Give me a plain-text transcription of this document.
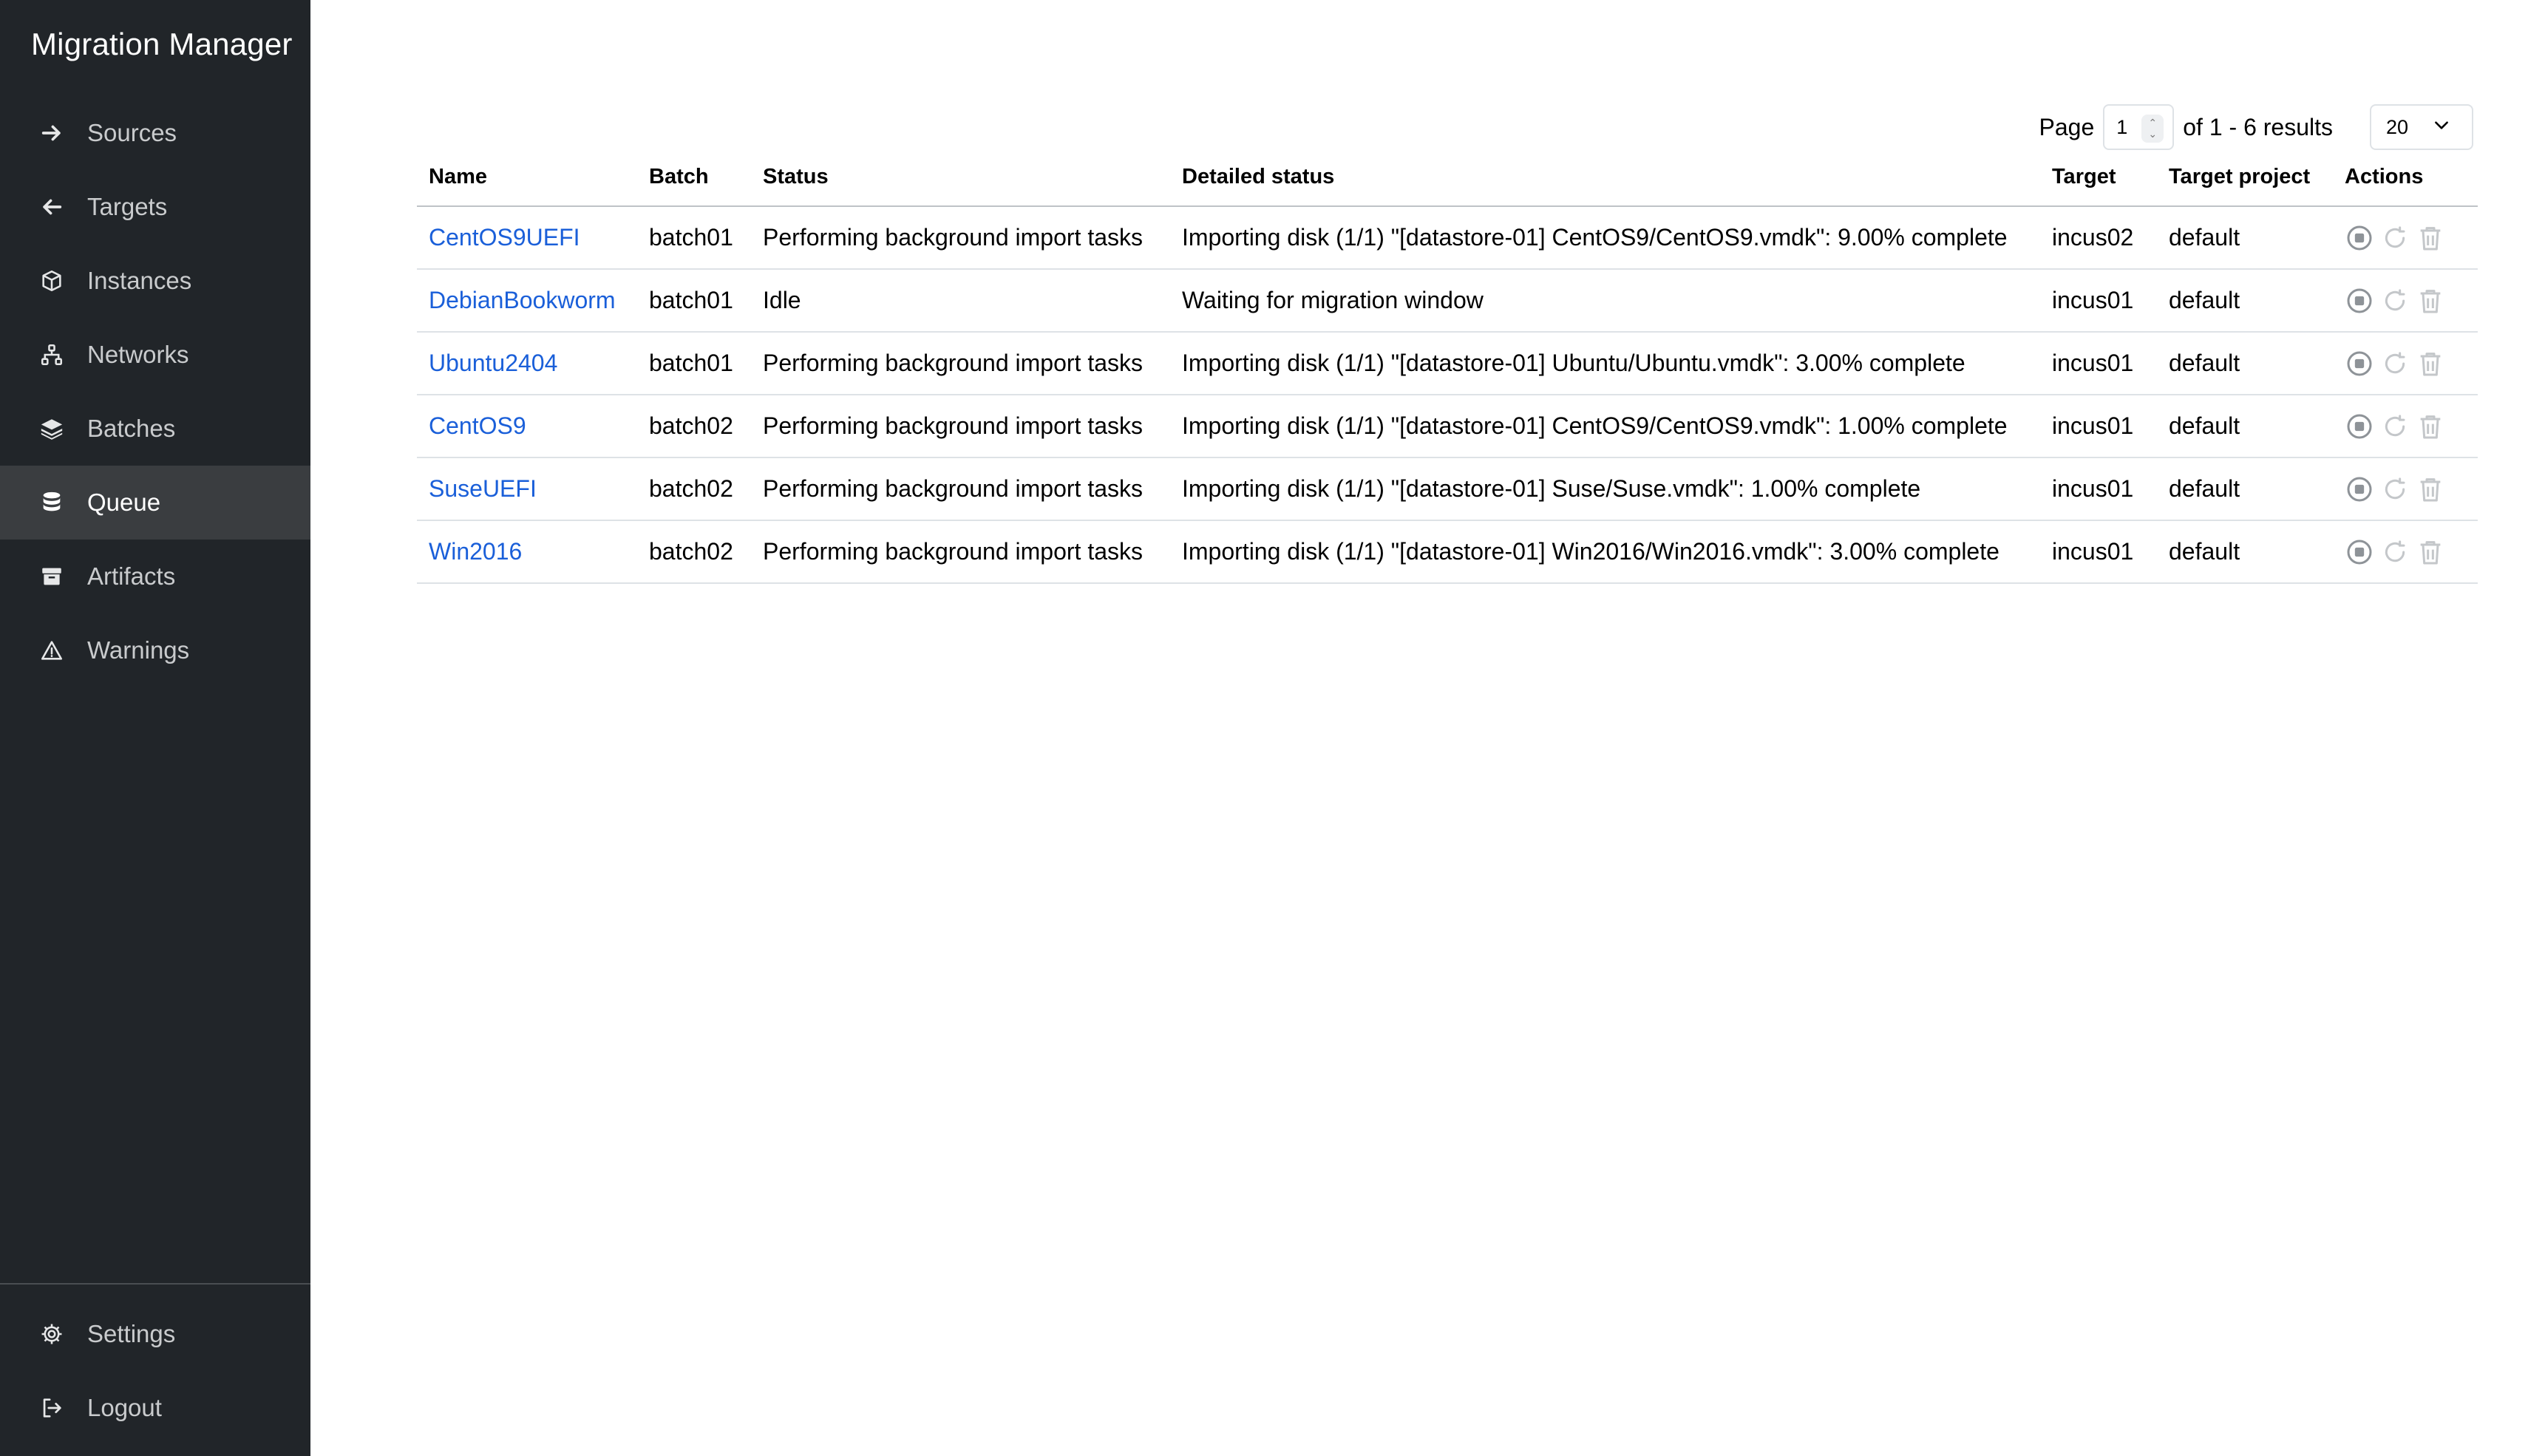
Migration Manager
Sources
Targets
Instances
Networks
Batches
Queue
Artifacts
Warnings
Settings
Logout
Page 1 ⌃
⌄ of 1 - 6 results	20
Name	Batch	Status	Detailed status	Target	Target project	Actions
CentOS9UEFI	batch01	Performing background import tasks	Importing disk (1/1) "[datastore-01] CentOS9/CentOS9.vmdk": 9.00% complete	incus02	default	

DebianBookworm	batch01	Idle	Waiting for migration window	incus01	default	

Ubuntu2404	batch01	Performing background import tasks	Importing disk (1/1) "[datastore-01] Ubuntu/Ubuntu.vmdk": 3.00% complete	incus01	default	

CentOS9	batch02	Performing background import tasks	Importing disk (1/1) "[datastore-01] CentOS9/CentOS9.vmdk": 1.00% complete	incus01	default	

SuseUEFI	batch02	Performing background import tasks	Importing disk (1/1) "[datastore-01] Suse/Suse.vmdk": 1.00% complete	incus01	default	

Win2016	batch02	Performing background import tasks	Importing disk (1/1) "[datastore-01] Win2016/Win2016.vmdk": 3.00% complete	incus01	default	
